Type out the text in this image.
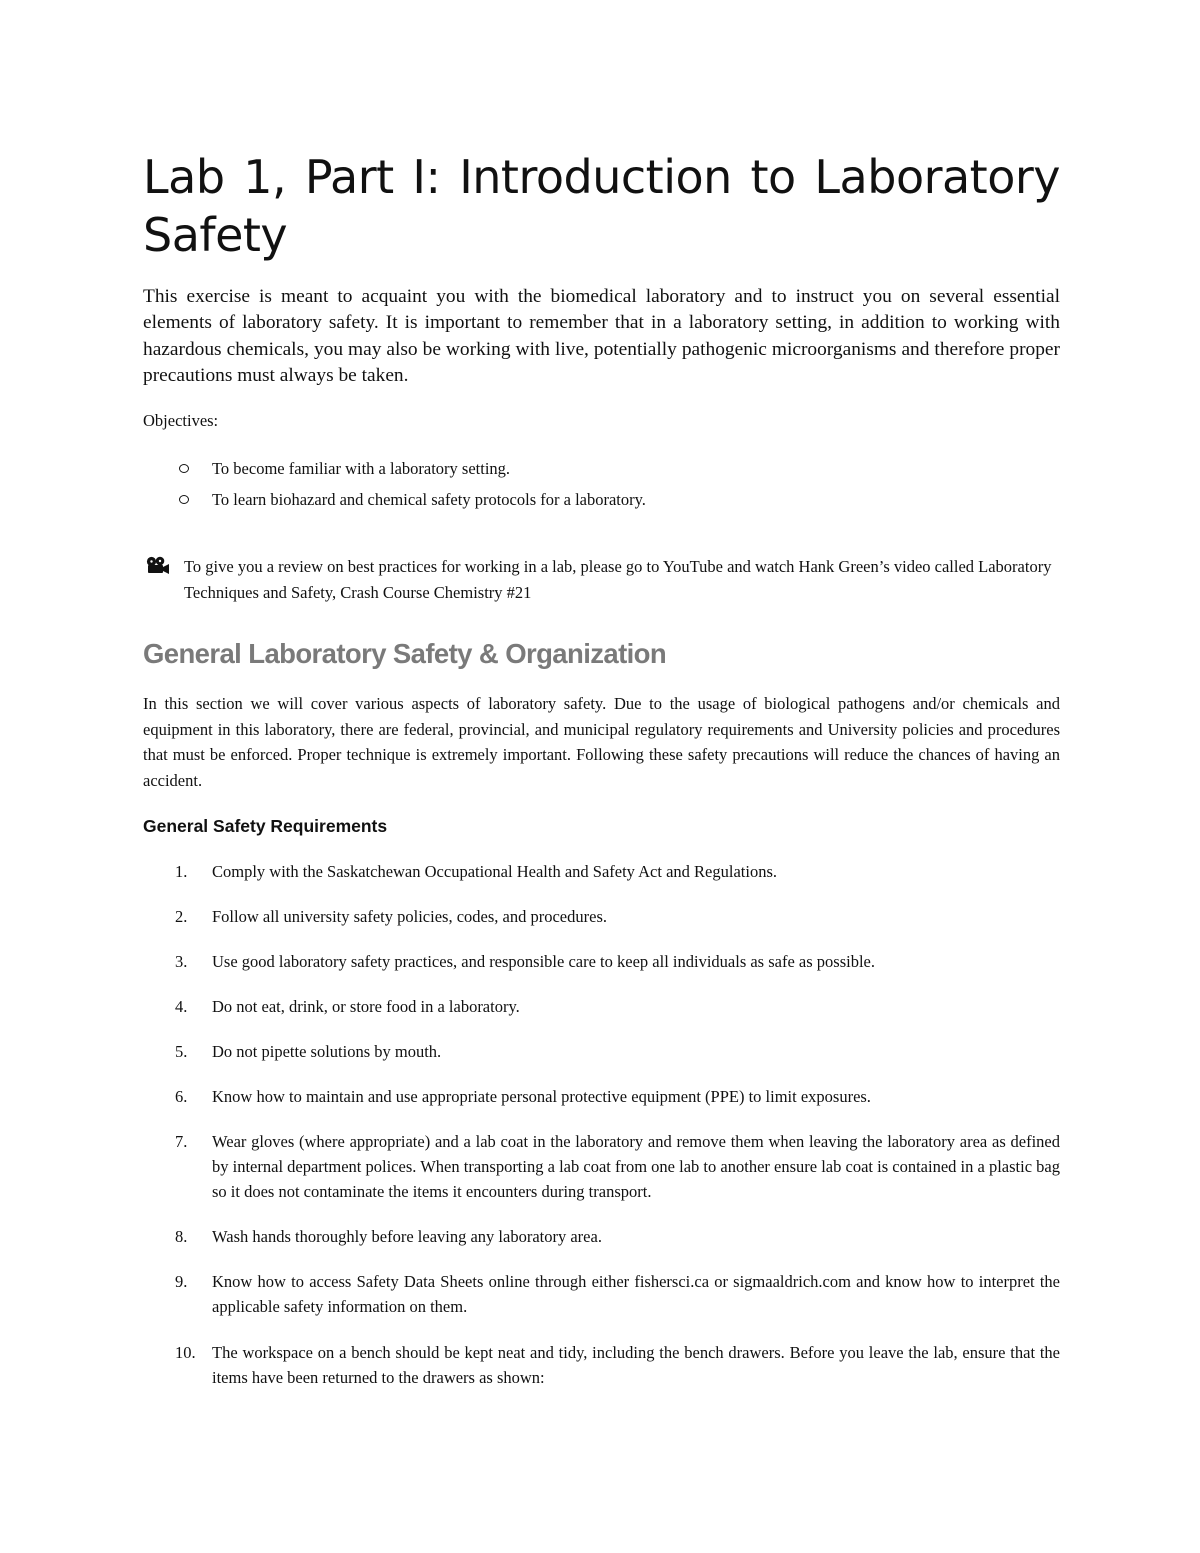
Lab 1, Part I: Introduction to Laboratory Safety

This exercise is meant to acquaint you with the biomedical laboratory and to instruct you on several essential elements of laboratory safety. It is important to remember that in a laboratory setting, in addition to working with hazardous chemicals, you may also be working with live, potentially pathogenic microorganisms and therefore proper precautions must always be taken.

Objectives:

To become familiar with a laboratory setting.
To learn biohazard and chemical safety protocols for a laboratory.

To give you a review on best practices for working in a lab, please go to YouTube and watch Hank Green’s video called Laboratory Techniques and Safety, Crash Course Chemistry #21

General Laboratory Safety & Organization

In this section we will cover various aspects of laboratory safety. Due to the usage of biological pathogens and/or chemicals and equipment in this laboratory, there are federal, provincial, and municipal regulatory requirements and University policies and procedures that must be enforced. Proper technique is extremely important. Following these safety precautions will reduce the chances of having an accident.

General Safety Requirements
1.	Comply with the Saskatchewan Occupational Health and Safety Act and Regulations.
2.	Follow all university safety policies, codes, and procedures.
3.	Use good laboratory safety practices, and responsible care to keep all individuals as safe as possible.
4.	Do not eat, drink, or store food in a laboratory.
5.	Do not pipette solutions by mouth.
6.	Know how to maintain and use appropriate personal protective equipment (PPE) to limit exposures.
7.	Wear gloves (where appropriate) and a lab coat in the laboratory and remove them when leaving the laboratory area as defined by internal department polices. When transporting a lab coat from one lab to another ensure lab coat is contained in a plastic bag so it does not contaminate the items it encounters during transport.
8.	Wash hands thoroughly before leaving any laboratory area.
9.	Know how to access Safety Data Sheets online through either fishersci.ca or sigmaaldrich.com and know how to interpret the applicable safety information on them.
10. The workspace on a bench should be kept neat and tidy, including the bench drawers. Before you leave the lab, ensure that the items have been returned to the drawers as shown:
